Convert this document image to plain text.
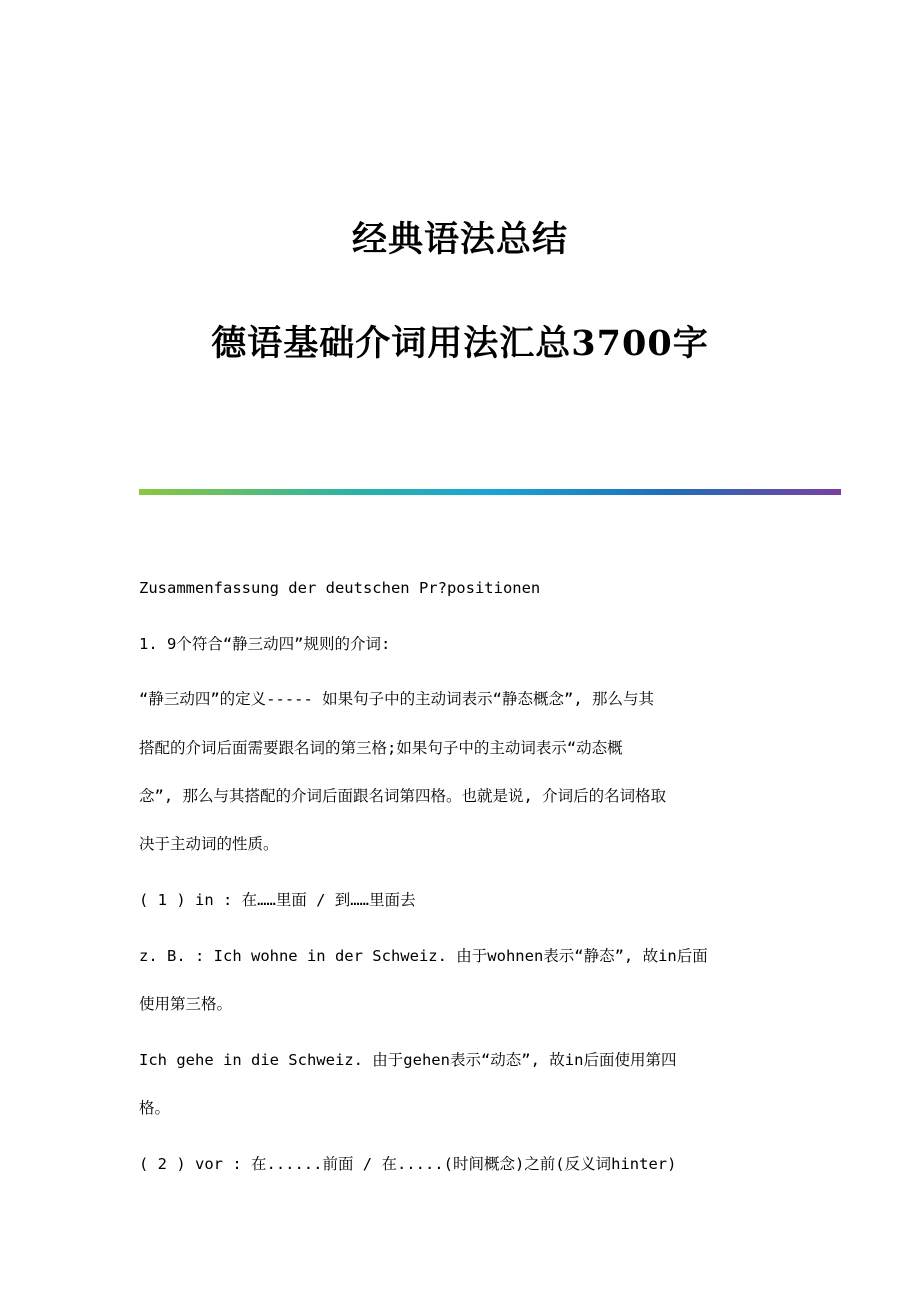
经典语法总结
德语基础介词用法汇总3700字
Zusammenfassung der deutschen Pr?positionen
1. 9个符合“静三动四”规则的介词:
“静三动四”的定义----- 如果句子中的主动词表示“静态概念”, 那么与其
搭配的介词后面需要跟名词的第三格;如果句子中的主动词表示“动态概
念”, 那么与其搭配的介词后面跟名词第四格。也就是说, 介词后的名词格取
决于主动词的性质。
( 1 ) in : 在……里面 / 到……里面去
z. B. : Ich wohne in der Schweiz. 由于wohnen表示“静态”, 故in后面
使用第三格。
Ich gehe in die Schweiz. 由于gehen表示“动态”, 故in后面使用第四
格。
( 2 ) vor : 在......前面 / 在.....(时间概念)之前(反义词hinter)
